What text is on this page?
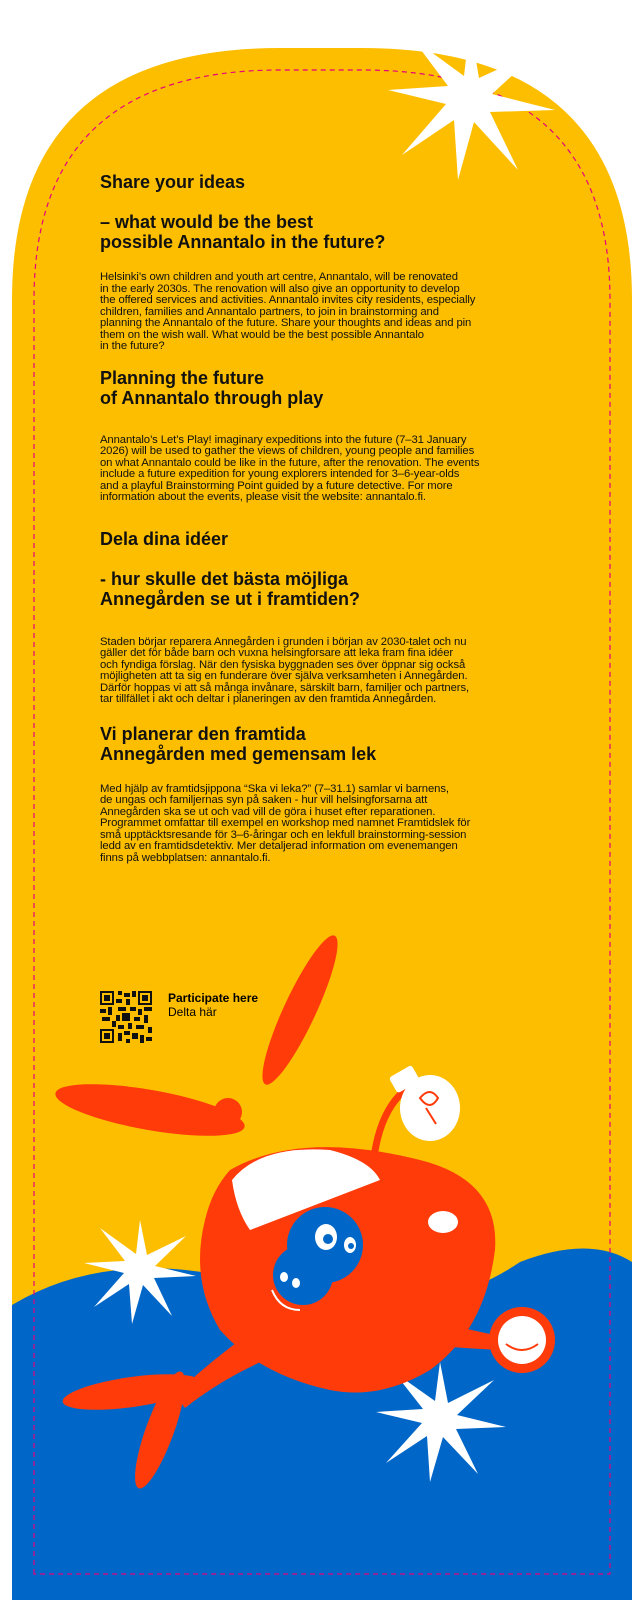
Share your ideas
– what would be the best
possible Annantalo in the future?

Helsinki’s own children and youth art centre, Annantalo, will be renovated
in the early 2030s. The renovation will also give an opportunity to develop
the offered services and activities. Annantalo invites city residents, especially
children, families and Annantalo partners, to join in brainstorming and
planning the Annantalo of the future. Share your thoughts and ideas and pin
them on the wish wall. What would be the best possible Annantalo
in the future?

Planning the future
of Annantalo through play

Annantalo’s Let’s Play! imaginary expeditions into the future (7–31 January
2026) will be used to gather the views of children, young people and families
on what Annantalo could be like in the future, after the renovation. The events
include a future expedition for young explorers intended for 3–6-year-olds
and a playful Brainstorming Point guided by a future detective. For more
information about the events, please visit the website: annantalo.fi.

Dela dina idéer
- hur skulle det bästa möjliga
Annegården se ut i framtiden?

Staden börjar reparera Annegården i grunden i början av 2030-talet och nu
gäller det för både barn och vuxna helsingforsare att leka fram fina idéer
och fyndiga förslag. När den fysiska byggnaden ses över öppnar sig också
möjligheten att ta sig en funderare över själva verksamheten i Annegården.
Därför hoppas vi att så många invånare, särskilt barn, familjer och partners,
tar tillfället i akt och deltar i planeringen av den framtida Annegården.

Vi planerar den framtida
Annegården med gemensam lek

Med hjälp av framtidsjippona “Ska vi leka?” (7–31.1) samlar vi barnens,
de ungas och familjernas syn på saken - hur vill helsingforsarna att
Annegården ska se ut och vad vill de göra i huset efter reparationen.
Programmet omfattar till exempel en workshop med namnet Framtidslek för
små upptäcktsresande för 3–6-åringar och en lekfull brainstorming-session
ledd av en framtidsdetektiv. Mer detaljerad information om evenemangen
finns på webbplatsen: annantalo.fi.

Participate here
Delta här
